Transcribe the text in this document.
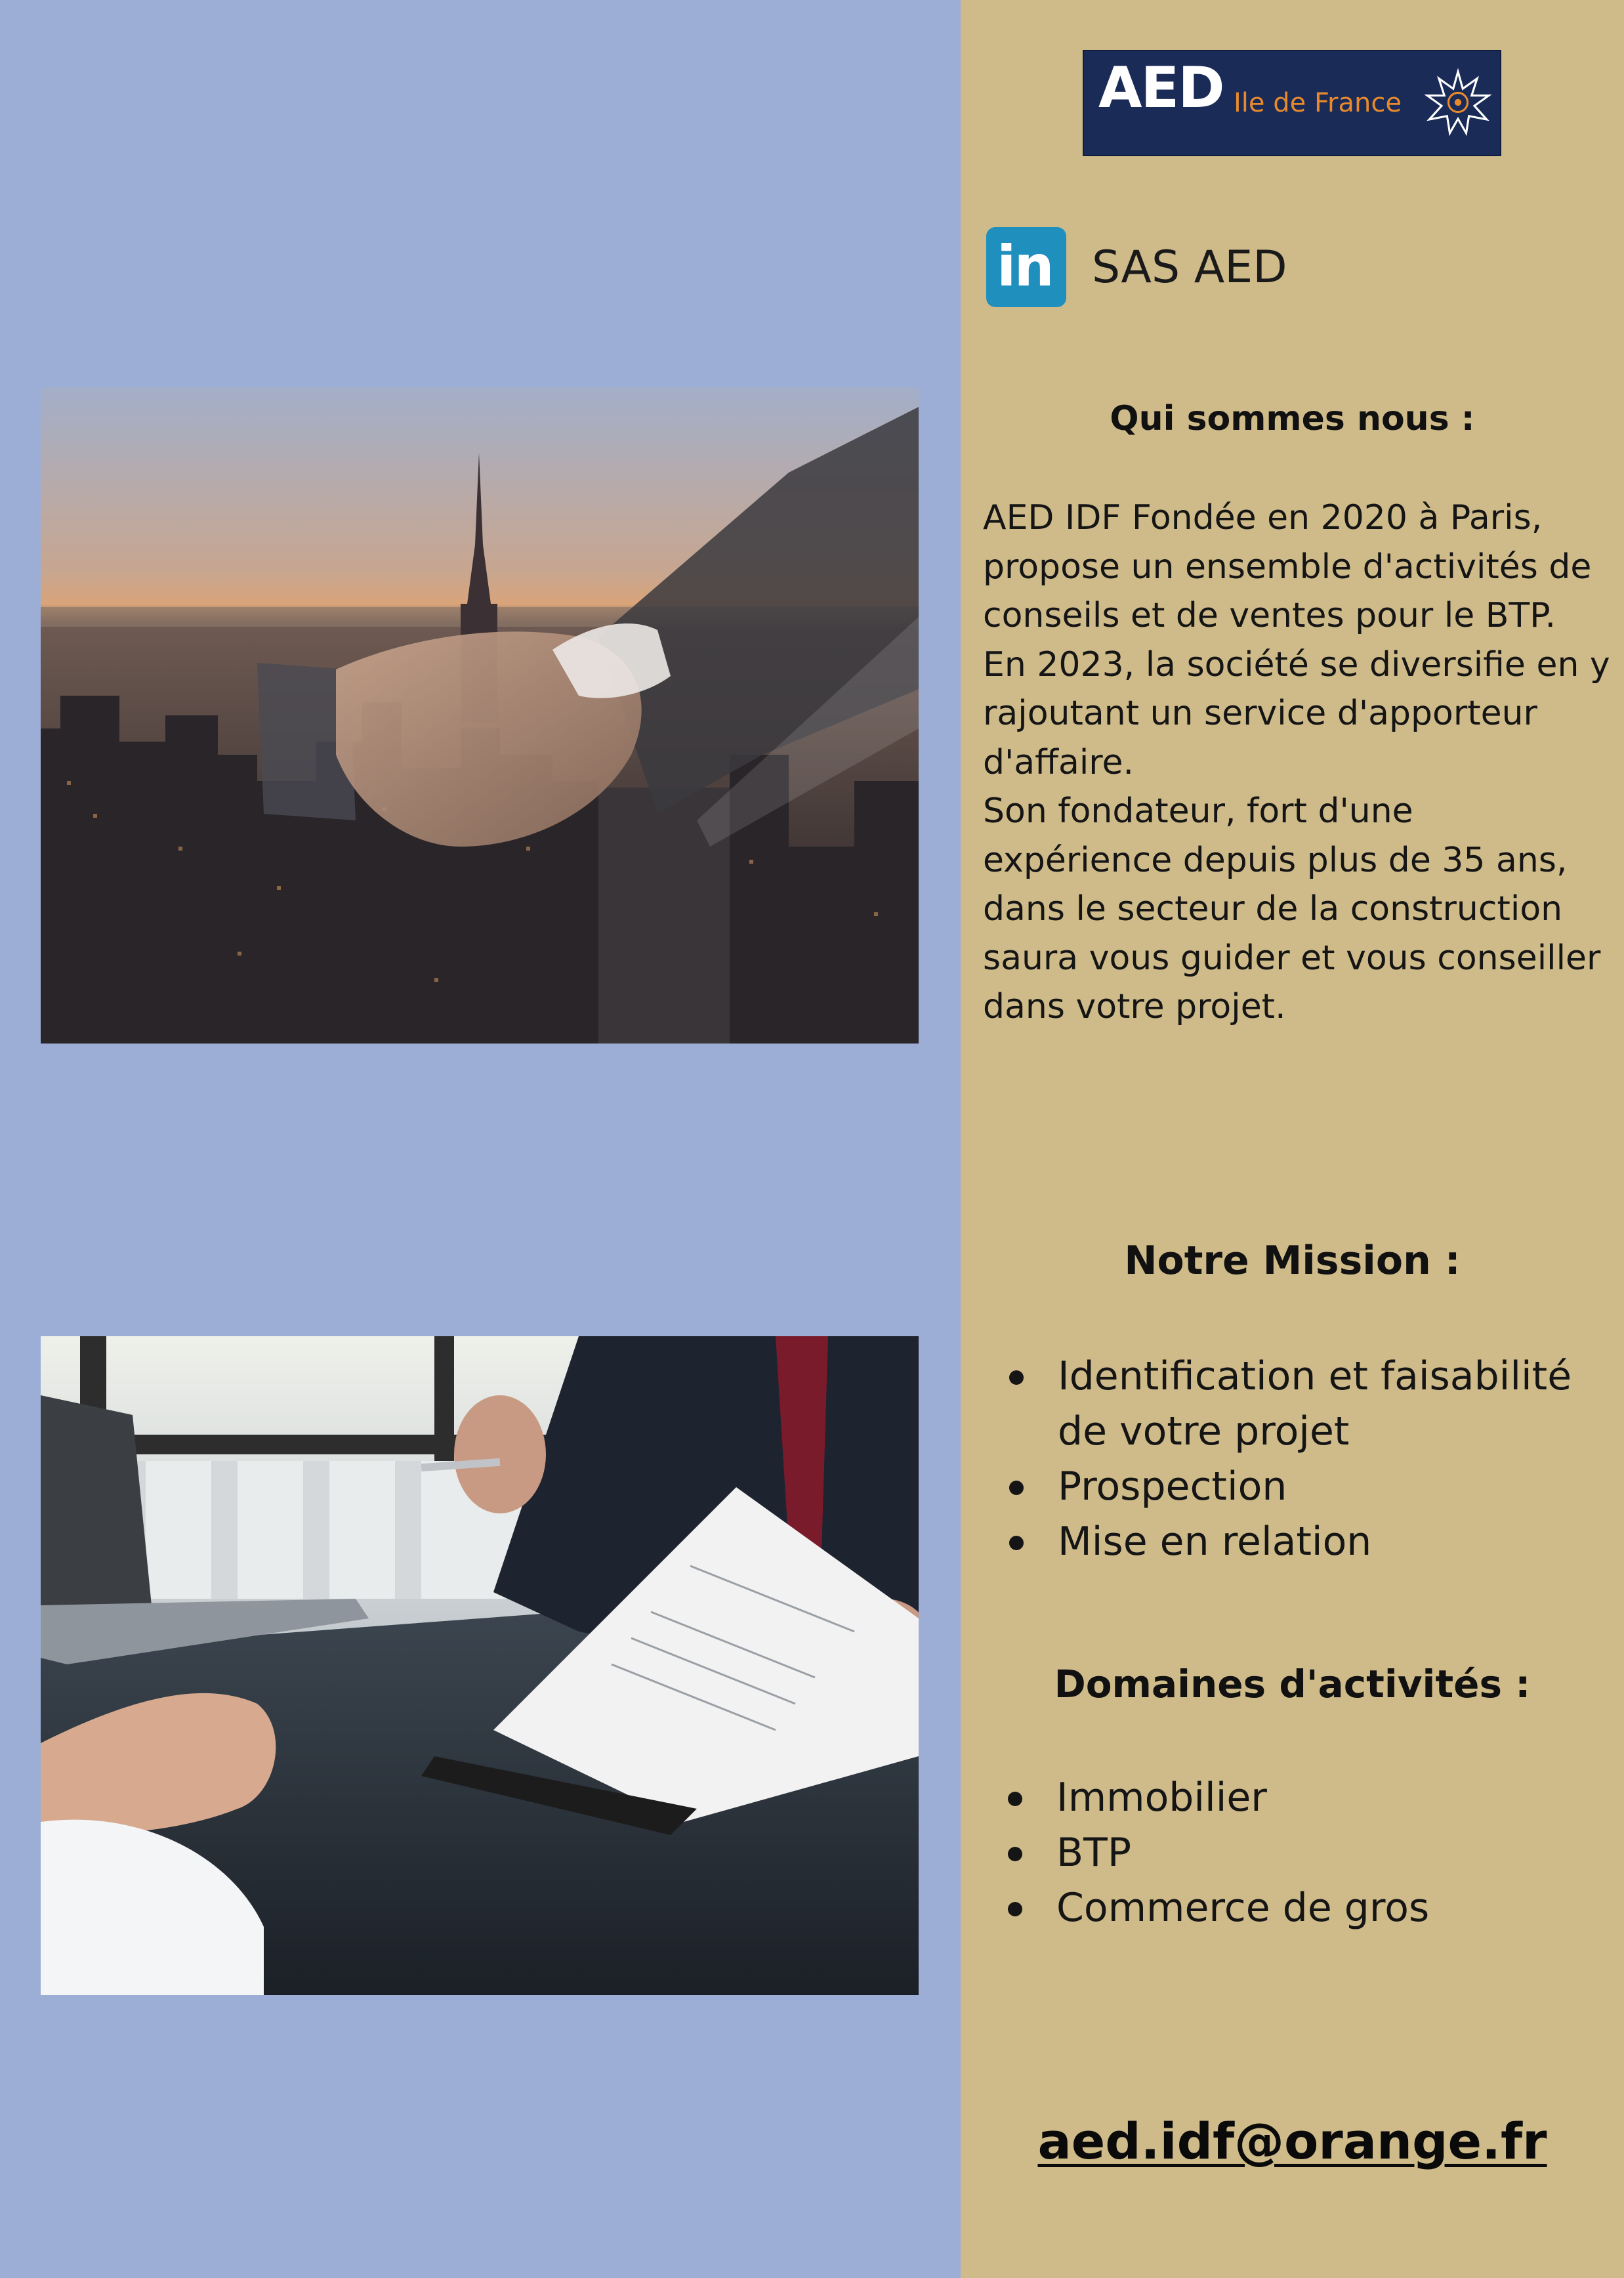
AED Ile de France
in SAS AED
Qui sommes nous :

AED IDF Fondée en 2020 à Paris, propose un ensemble d'activités de conseils et de ventes pour le BTP.

En 2023, la société se diversifie en y rajoutant un service d'apporteur d'affaire.

Son fondateur, fort d'une expérience depuis plus de 35 ans, dans le secteur de la construction saura vous guider et vous conseiller dans votre projet.

Notre Mission :
Identification et faisabilité de votre projet
Prospection
Mise en relation
Domaines d'activités :
Immobilier
BTP
Commerce de gros
aed.idf@orange.fr
